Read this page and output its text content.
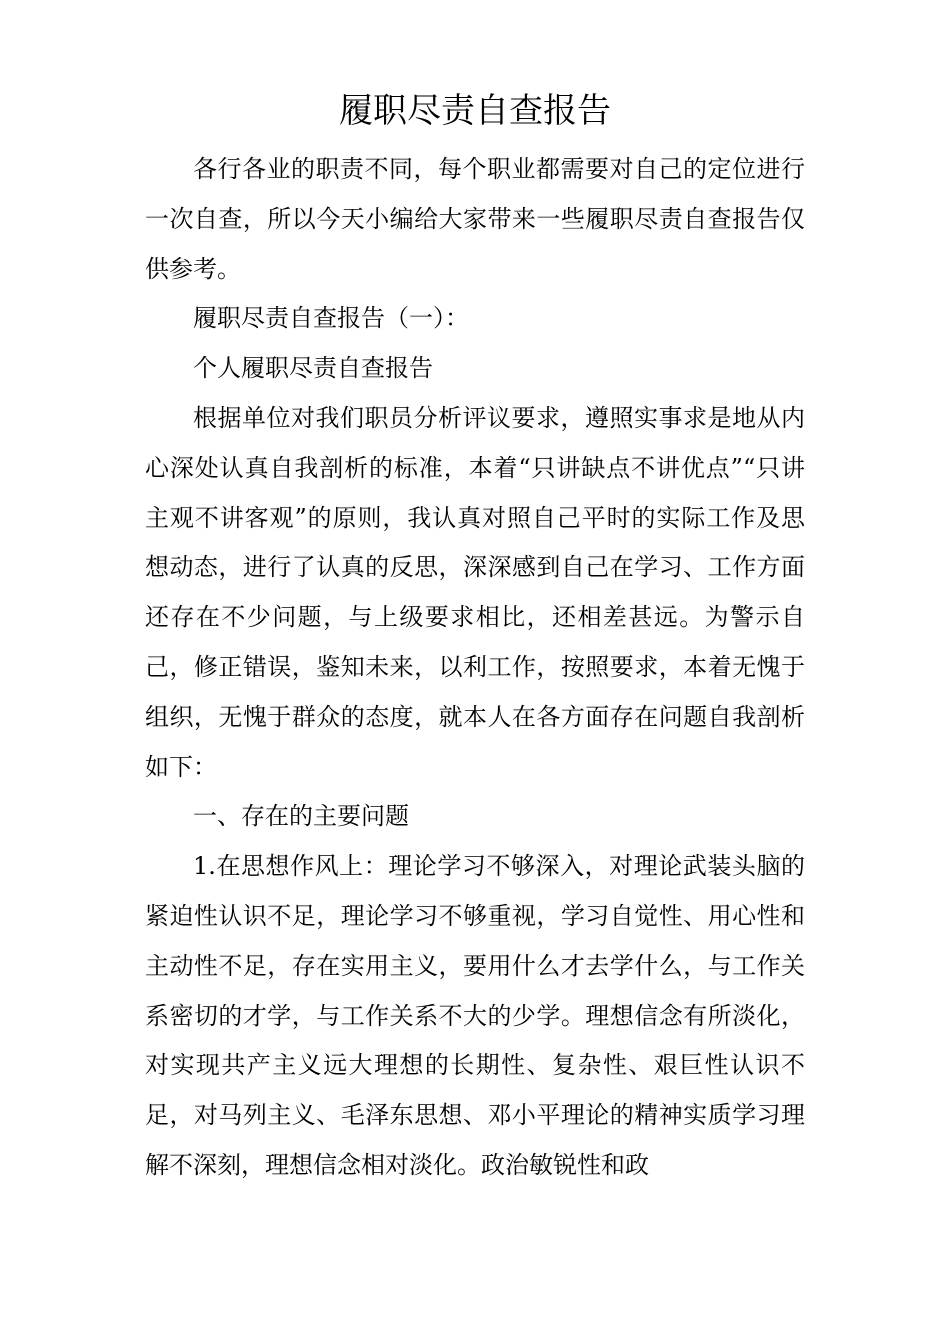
履职尽责自查报告

各行各业的职责不同，每个职业都需要对自己的定位进行一次自查，所以今天小编给大家带来一些履职尽责自查报告仅供参考。

履职尽责自查报告（一）：

个人履职尽责自查报告

根据单位对我们职员分析评议要求，遵照实事求是地从内心深处认真自我剖析的标准，本着“只讲缺点不讲优点”“只讲主观不讲客观”的原则，我认真对照自己平时的实际工作及思想动态，进行了认真的反思，深深感到自己在学习、工作方面还存在不少问题，与上级要求相比，还相差甚远。为警示自己，修正错误，鉴知未来，以利工作，按照要求，本着无愧于组织，无愧于群众的态度，就本人在各方面存在问题自我剖析如下：

一、存在的主要问题

1.在思想作风上：理论学习不够深入，对理论武装头脑的紧迫性认识不足，理论学习不够重视，学习自觉性、用心性和主动性不足，存在实用主义，要用什么才去学什么，与工作关系密切的才学，与工作关系不大的少学。理想信念有所淡化，对实现共产主义远大理想的长期性、复杂性、艰巨性认识不足，对马列主义、毛泽东思想、邓小平理论的精神实质学习理解不深刻，理想信念相对淡化。政治敏锐性和政
